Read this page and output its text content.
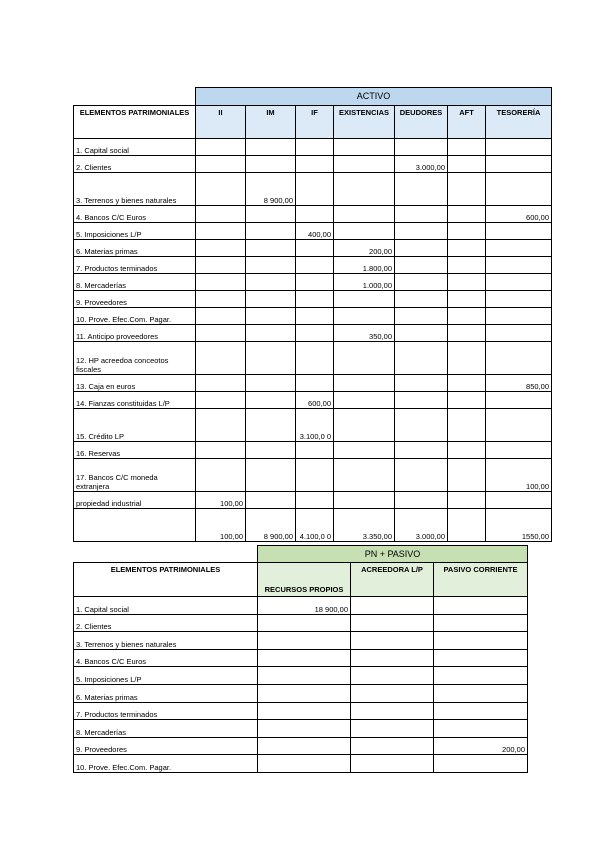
	ACTIVO						
ELEMENTOS PATRIMONIALES	II	IM	IF	EXISTENCIAS	DEUDORES	AFT	TESORERÍA
1. Capital social							
2. Clientes					3.000,00		
3. Terrenos y bienes naturales		8 900,00					
4. Bancos C/C Euros							600,00
5. Imposiciones L/P			400,00				
6. Materias primas				200,00			
7. Productos terminados				1.800,00			
8. Mercaderías				1.000,00			
9. Proveedores							
10. Prove. Efec.Com. Pagar.							
11. Anticipo proveedores				350,00			
12. HP acreedoa conceotos fiscales							
13. Caja en euros							850,00
14. Fianzas constituidas L/P			600,00				
15. Crédito LP			3.100,0 0				
16. Reservas							
17. Bancos C/C moneda extranjera							100,00
propiedad industrial	100,00						
	100,00	8 900,00	4.100,0 0	3.350,00	3.000,00		1550,00
	PN + PASIVO		
ELEMENTOS PATRIMONIALES	RECURSOS PROPIOS	ACREEDORA L/P	PASIVO CORRIENTE
1. Capital social	18 900,00		
2. Clientes			
3. Terrenos y bienes naturales			
4. Bancos C/C Euros			
5. Imposiciones L/P			
6. Materias primas			
7. Productos terminados			
8. Mercaderías			
9. Proveedores			200,00
10. Prove. Efec.Com. Pagar.			
